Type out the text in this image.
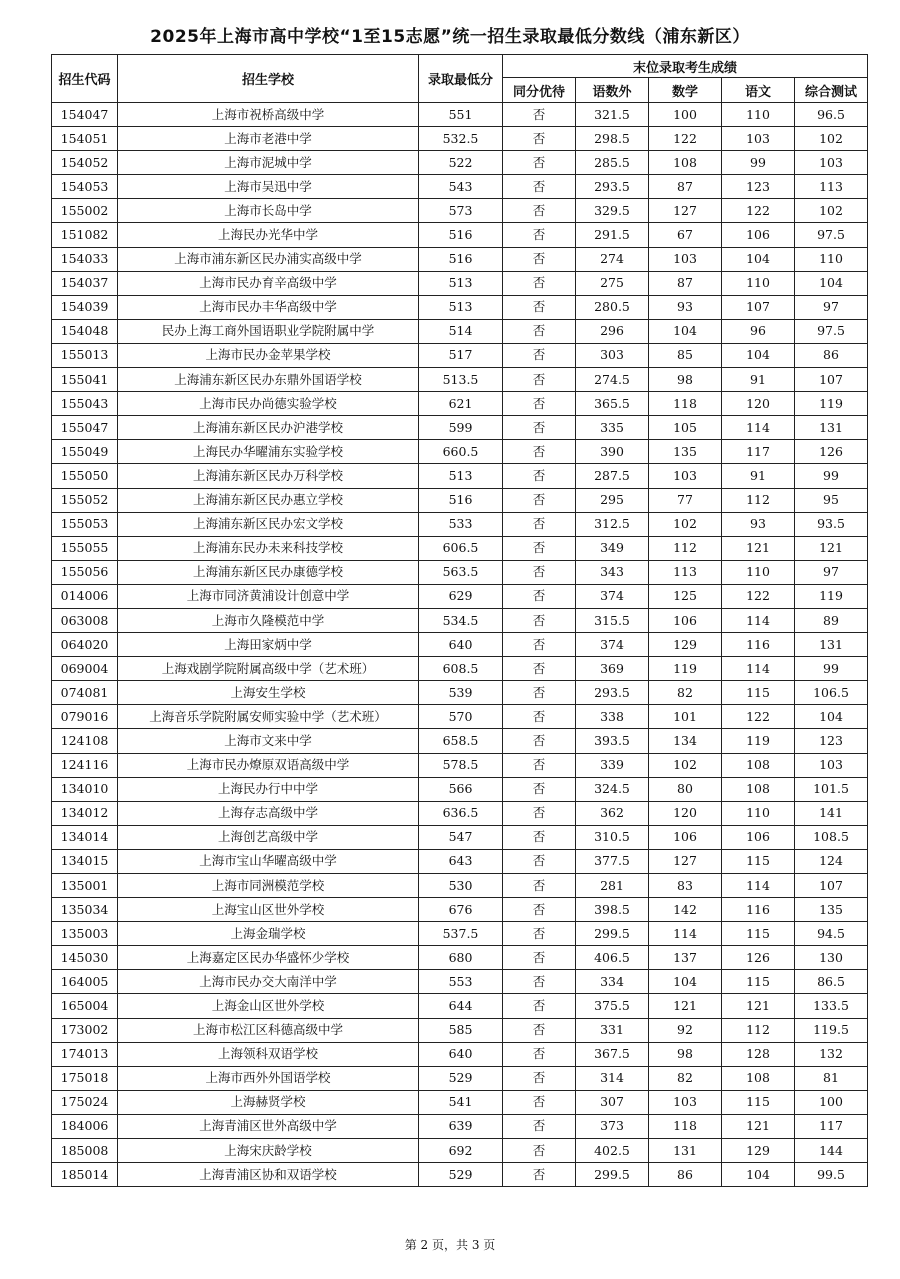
2025年上海市高中学校“1至15志愿”统一招生录取最低分数线（浦东新区）
招生代码	招生学校	录取最低分	末位录取考生成绩				
			同分优待	语数外	数学	语文	综合测试
154047	上海市祝桥高级中学	551	否	321.5	100	110	96.5
154051	上海市老港中学	532.5	否	298.5	122	103	102
154052	上海市泥城中学	522	否	285.5	108	99	103
154053	上海市吴迅中学	543	否	293.5	87	123	113
155002	上海市长岛中学	573	否	329.5	127	122	102
151082	上海民办光华中学	516	否	291.5	67	106	97.5
154033	上海市浦东新区民办浦实高级中学	516	否	274	103	104	110
154037	上海市民办育辛高级中学	513	否	275	87	110	104
154039	上海市民办丰华高级中学	513	否	280.5	93	107	97
154048	民办上海工商外国语职业学院附属中学	514	否	296	104	96	97.5
155013	上海市民办金苹果学校	517	否	303	85	104	86
155041	上海浦东新区民办东鼎外国语学校	513.5	否	274.5	98	91	107
155043	上海市民办尚德实验学校	621	否	365.5	118	120	119
155047	上海浦东新区民办沪港学校	599	否	335	105	114	131
155049	上海民办华曜浦东实验学校	660.5	否	390	135	117	126
155050	上海浦东新区民办万科学校	513	否	287.5	103	91	99
155052	上海浦东新区民办惠立学校	516	否	295	77	112	95
155053	上海浦东新区民办宏文学校	533	否	312.5	102	93	93.5
155055	上海浦东民办未来科技学校	606.5	否	349	112	121	121
155056	上海浦东新区民办康德学校	563.5	否	343	113	110	97
014006	上海市同济黄浦设计创意中学	629	否	374	125	122	119
063008	上海市久隆模范中学	534.5	否	315.5	106	114	89
064020	上海田家炳中学	640	否	374	129	116	131
069004	上海戏剧学院附属高级中学（艺术班）	608.5	否	369	119	114	99
074081	上海安生学校	539	否	293.5	82	115	106.5
079016	上海音乐学院附属安师实验中学（艺术班）	570	否	338	101	122	104
124108	上海市文来中学	658.5	否	393.5	134	119	123
124116	上海市民办燎原双语高级中学	578.5	否	339	102	108	103
134010	上海民办行中中学	566	否	324.5	80	108	101.5
134012	上海存志高级中学	636.5	否	362	120	110	141
134014	上海创艺高级中学	547	否	310.5	106	106	108.5
134015	上海市宝山华曜高级中学	643	否	377.5	127	115	124
135001	上海市同洲模范学校	530	否	281	83	114	107
135034	上海宝山区世外学校	676	否	398.5	142	116	135
135003	上海金瑞学校	537.5	否	299.5	114	115	94.5
145030	上海嘉定区民办华盛怀少学校	680	否	406.5	137	126	130
164005	上海市民办交大南洋中学	553	否	334	104	115	86.5
165004	上海金山区世外学校	644	否	375.5	121	121	133.5
173002	上海市松江区科德高级中学	585	否	331	92	112	119.5
174013	上海领科双语学校	640	否	367.5	98	128	132
175018	上海市西外外国语学校	529	否	314	82	108	81
175024	上海赫贤学校	541	否	307	103	115	100
184006	上海青浦区世外高级中学	639	否	373	118	121	117
185008	上海宋庆龄学校	692	否	402.5	131	129	144
185014	上海青浦区协和双语学校	529	否	299.5	86	104	99.5
第 2 页，共 3 页
